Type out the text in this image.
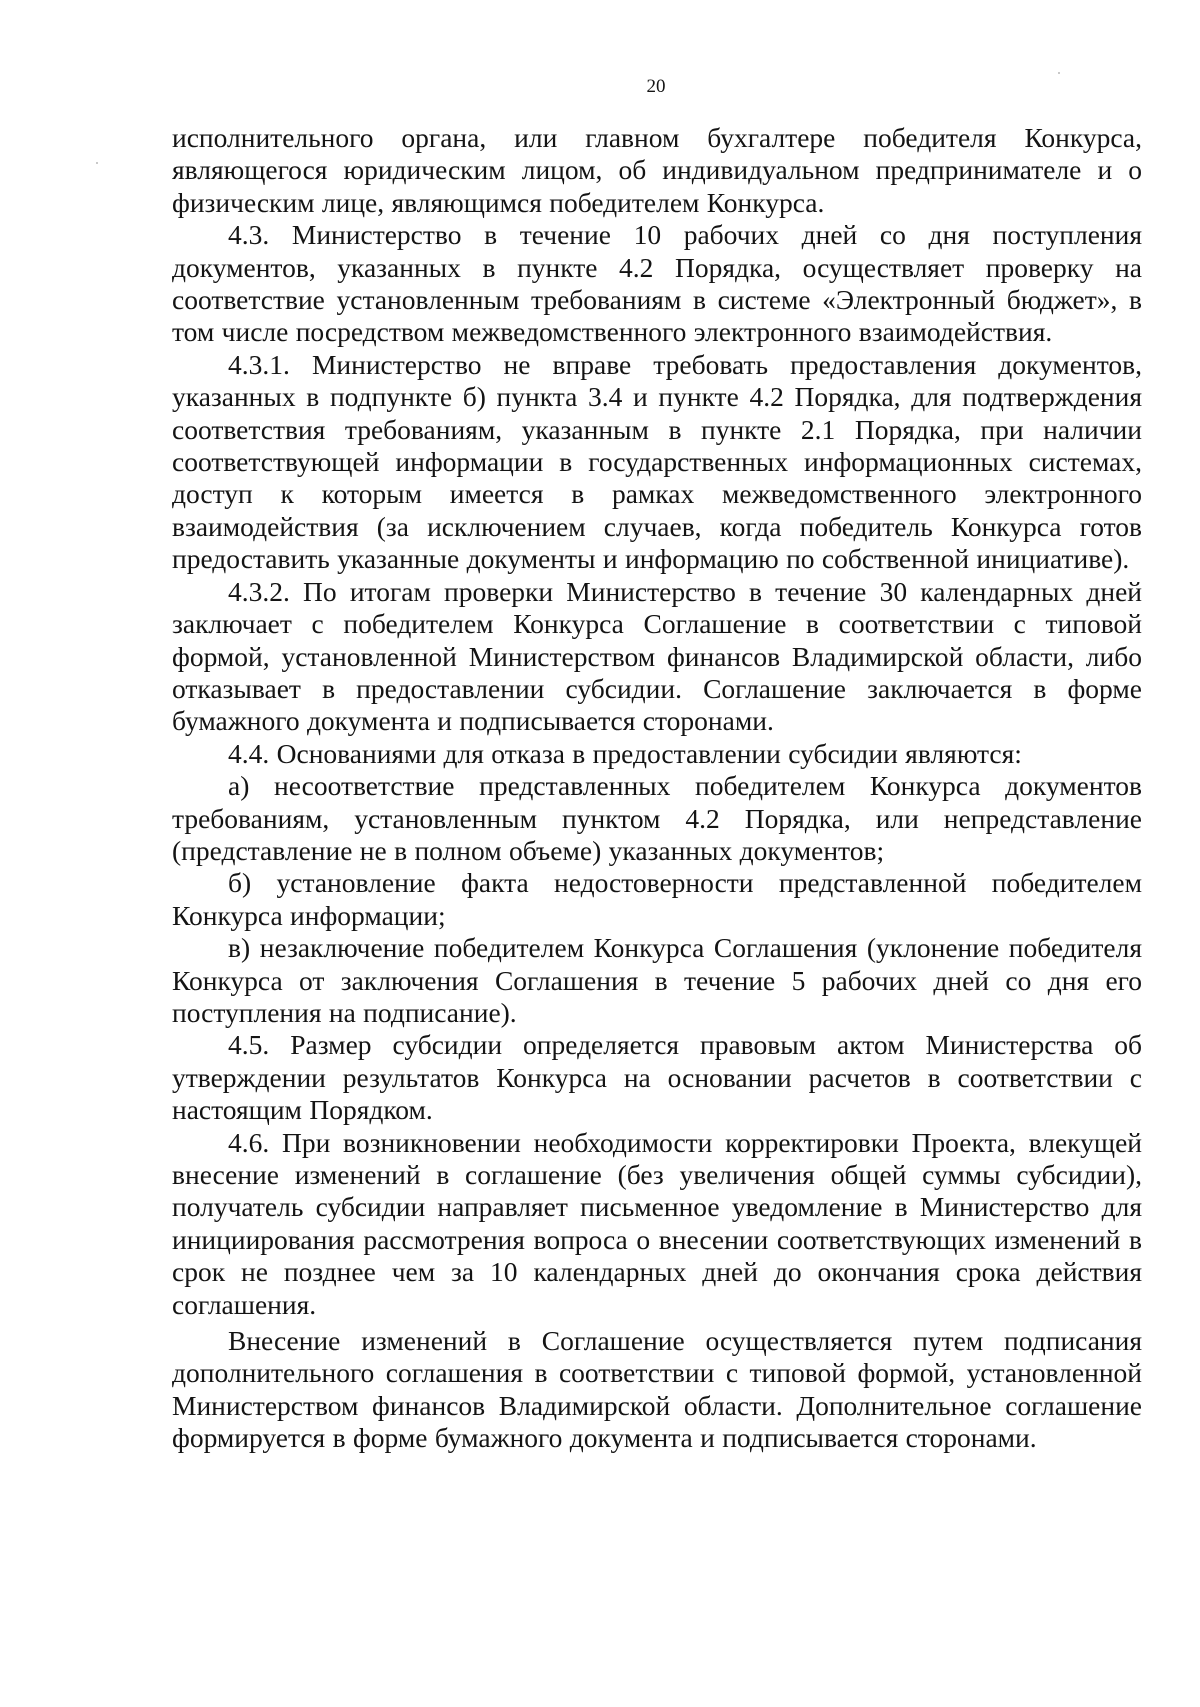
20

исполнительного органа, или главном бухгалтере победителя Конкурса, являющегося юридическим лицом, об индивидуальном предпринимателе и о физическим лице, являющимся победителем Конкурса.

4.3. Министерство в течение 10 рабочих дней со дня поступления документов, указанных в пункте 4.2 Порядка, осуществляет проверку на соответствие установленным требованиям в системе «Электронный бюджет», в том числе посредством межведомственного электронного взаимодействия.

4.3.1. Министерство не вправе требовать предоставления документов, указанных в подпункте б) пункта 3.4 и пункте 4.2 Порядка, для подтверждения соответствия требованиям, указанным в пункте 2.1 Порядка, при наличии соответствующей информации в государственных информационных системах, доступ к которым имеется в рамках межведомственного электронного взаимодействия (за исключением случаев, когда победитель Конкурса готов предоставить указанные документы и информацию по собственной инициативе).

4.3.2. По итогам проверки Министерство в течение 30 календарных дней заключает с победителем Конкурса Соглашение в соответствии с типовой формой, установленной Министерством финансов Владимирской области, либо отказывает в предоставлении субсидии. Соглашение заключается в форме бумажного документа и подписывается сторонами.

4.4. Основаниями для отказа в предоставлении субсидии являются:

а) несоответствие представленных победителем Конкурса документов требованиям, установленным пунктом 4.2 Порядка, или непредставление (представление не в полном объеме) указанных документов;

б) установление факта недостоверности представленной победителем Конкурса информации;

в) незаключение победителем Конкурса Соглашения (уклонение победителя Конкурса от заключения Соглашения в течение 5 рабочих дней со дня его поступления на подписание).

4.5. Размер субсидии определяется правовым актом Министерства об утверждении результатов Конкурса на основании расчетов в соответствии с настоящим Порядком.

4.6. При возникновении необходимости корректировки Проекта, влекущей внесение изменений в соглашение (без увеличения общей суммы субсидии), получатель субсидии направляет письменное уведомление в Министерство для инициирования рассмотрения вопроса о внесении соответствующих изменений в срок не позднее чем за 10 календарных дней до окончания срока действия соглашения.

Внесение изменений в Соглашение осуществляется путем подписания дополнительного соглашения в соответствии с типовой формой, установленной Министерством финансов Владимирской области. Дополнительное соглашение формируется в форме бумажного документа и подписывается сторонами.
